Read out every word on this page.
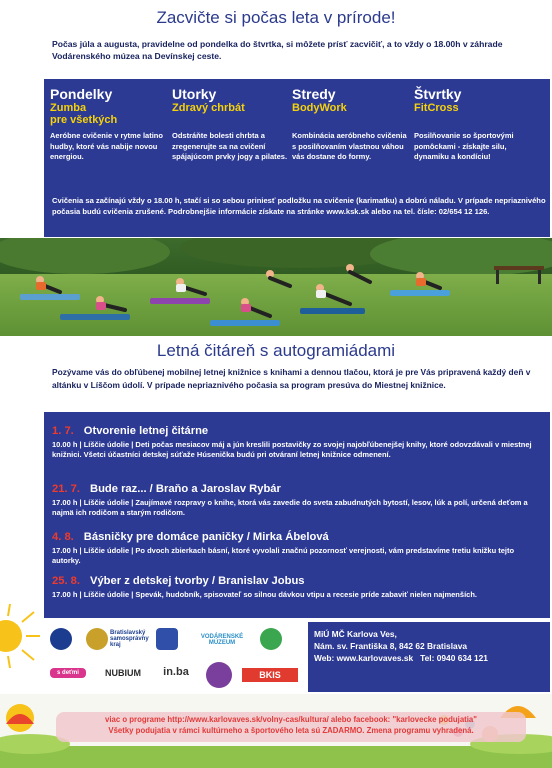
Zacvičte si počas leta v prírode!
Počas júla a augusta, pravidelne od pondelka do štvrtka, si môžete prísť zacvičiť, a to vždy o 18.00h v záhrade Vodárenského múzea na Devínskej ceste.
Pondelky
Zumba
pre všetkých
Aeróbne cvičenie v rytme latino hudby, ktoré vás nabije novou energiou.
Utorky
Zdravý chrbát
Odstráňte bolesti chrbta a zregenerujte sa na cvičení spájajúcom prvky jogy a pilates.
Stredy
BodyWork
Kombinácia aeróbneho cvičenia s posilňovaním vlastnou váhou vás dostane do formy.
Štvrtky
FitCross
Posilňovanie so športovými pomôckami - získajte silu, dynamiku a kondíciu!
Cvičenia sa začínajú vždy o 18.00 h, stačí si so sebou priniesť podložku na cvičenie (karimatku) a dobrú náladu. V prípade nepriaznivého počasia budú cvičenia zrušené. Podrobnejšie informácie získate na stránke www.ksk.sk alebo na tel. čísle: 02/654 12 126.
Letná čitáreň s autogramiádami
Pozývame vás do obľúbenej mobilnej letnej knižnice s knihami a dennou tlačou, ktorá je pre Vás pripravená každý deň v altánku v Líščom údolí. V prípade nepriaznivého počasia sa program presúva do Miestnej knižnice.
1. 7. Otvorenie letnej čitárne
10.00 h | Líščie údolie | Deti počas mesiacov máj a jún kreslili postavičky zo svojej najobľúbenejšej knihy, ktoré odovzdávali v miestnej knižnici. Všetci účastníci detskej súťaže Húsenička budú pri otváraní letnej knižnice odmenení.
21. 7. Bude raz... / Braňo a Jaroslav Rybár
17.00 h | Líščie údolie | Zaujímavé rozpravy o knihe, ktorá vás zavedie do sveta zabudnutých bytostí, lesov, lúk a polí, určená deťom a najmä ich rodičom a starým rodičom.
4. 8. Básničky pre domáce paničky / Mirka Ábelová
17.00 h | Líščie údolie | Po dvoch zbierkach básní, ktoré vyvolali značnú pozornosť verejnosti, vám predstavíme tretiu knižku tejto autorky.
25. 8. Výber z detskej tvorby / Branislav Jobus
17.00 h | Líščie údolie | Spevák, hudobník, spisovateľ so silnou dávkou vtipu a recesie príde zabaviť nielen najmenších.
Bratislavský samosprávny kraj
VODÁRENSKÉ MÚZEUM
s deťmi	NUBIUM	in.ba	BKIS
MiÚ MČ Karlova Ves,
Nám. sv. Františka 8, 842 62 Bratislava
Web: www.karlovaves.sk Tel: 0940 634 121
viac o programe http://www.karlovaves.sk/volny-cas/kultura/ alebo facebook: "karlovecke podujatia"
Všetky podujatia v rámci kultúrneho a športového leta sú ZADARMO. Zmena programu vyhradená.
